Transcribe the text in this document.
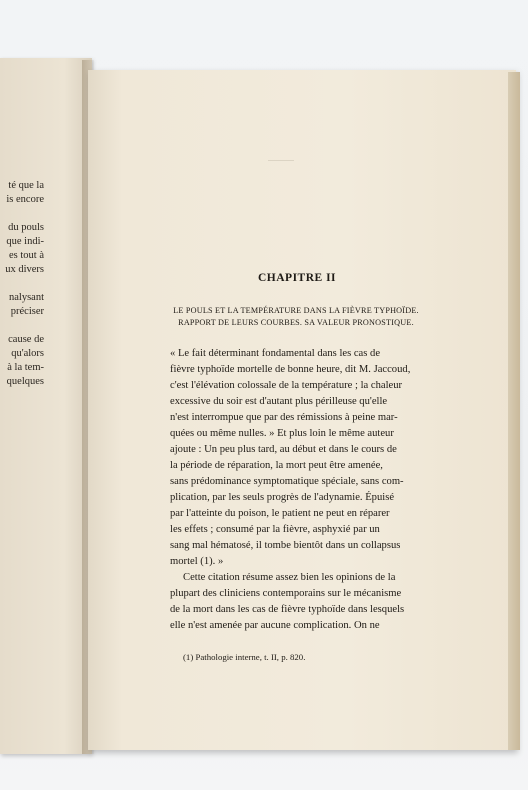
té que la
is encore
du pouls
que indi-
es tout à
ux divers
nalysant
préciser
cause de
qu'alors
à la tem-
quelques
CHAPITRE II
LE POULS ET LA TEMPÉRATURE DANS LA FIÈVRE TYPHOÏDE.
RAPPORT DE LEURS COURBES. SA VALEUR PRONOSTIQUE.
« Le fait déterminant fondamental dans les cas de
fièvre typhoïde mortelle de bonne heure, dit M. Jaccoud,
c'est l'élévation colossale de la température ; la chaleur
excessive du soir est d'autant plus périlleuse qu'elle
n'est interrompue que par des rémissions à peine mar-
quées ou même nulles. » Et plus loin le même auteur
ajoute : Un peu plus tard, au début et dans le cours de
la période de réparation, la mort peut être amenée,
sans prédominance symptomatique spéciale, sans com-
plication, par les seuls progrès de l'adynamie. Épuisé
par l'atteinte du poison, le patient ne peut en réparer
les effets ; consumé par la fièvre, asphyxié par un
sang mal hématosé, il tombe bientôt dans un collapsus
mortel (1). »
Cette citation résume assez bien les opinions de la
plupart des cliniciens contemporains sur le mécanisme
de la mort dans les cas de fièvre typhoïde dans lesquels
elle n'est amenée par aucune complication. On ne
(1) Pathologie interne, t. II, p. 820.
